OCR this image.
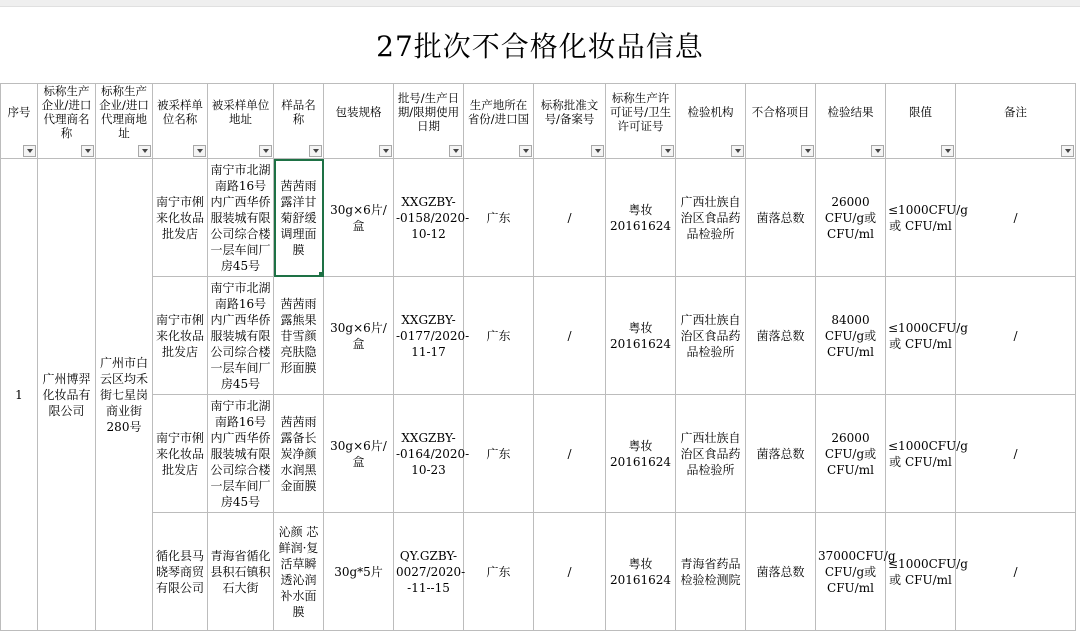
27批次不合格化妆品信息
序号	标称生产企业/进口代理商名称	标称生产企业/进口代理商地址	被采样单位名称	被采样单位地址	样品名称	包装规格	批号/生产日期/限期使用日期	生产地所在省份/进口国	标称批准文号/备案号	标称生产许可证号/卫生许可证号	检验机构	不合格项目	检验结果	限值	备注

1	广州博羿化妆品有限公司	广州市白云区均禾街七星岗商业街280号	南宁市俐来化妆品批发店	南宁市北湖南路16号内广西华侨服装城有限公司综合楼一层车间厂房45号	茜茜雨露洋甘菊舒缓调理面膜	30g×6片/盒	XXGZBY--0158/2020-10-12	广东	/	粤妆20161624	广西壮族自治区食品药品检验所	菌落总数	26000 CFU/g或CFU/ml	≤1000CFU/g或 CFU/ml	/
			南宁市俐来化妆品批发店	南宁市北湖南路16号内广西华侨服装城有限公司综合楼一层车间厂房45号	茜茜雨露熊果苷雪颜亮肤隐形面膜	30g×6片/盒	XXGZBY--0177/2020-11-17	广东	/	粤妆20161624	广西壮族自治区食品药品检验所	菌落总数	84000 CFU/g或CFU/ml	≤1000CFU/g或 CFU/ml	/
			南宁市俐来化妆品批发店	南宁市北湖南路16号内广西华侨服装城有限公司综合楼一层车间厂房45号	茜茜雨露备长炭净颜水润黑金面膜	30g×6片/盒	XXGZBY--0164/2020-10-23	广东	/	粤妆20161624	广西壮族自治区食品药品检验所	菌落总数	26000 CFU/g或CFU/ml	≤1000CFU/g或 CFU/ml	/
			循化县马晓琴商贸有限公司	青海省循化县积石镇积石大街	沁颜 芯鲜润·复活草瞬透沁润补水面膜	30g*5片	QY.GZBY-0027/2020--11--15	广东	/	粤妆20161624	青海省药品检验检测院	菌落总数	37000CFU/g CFU/g或CFU/ml	≤1000CFU/g或 CFU/ml	/
